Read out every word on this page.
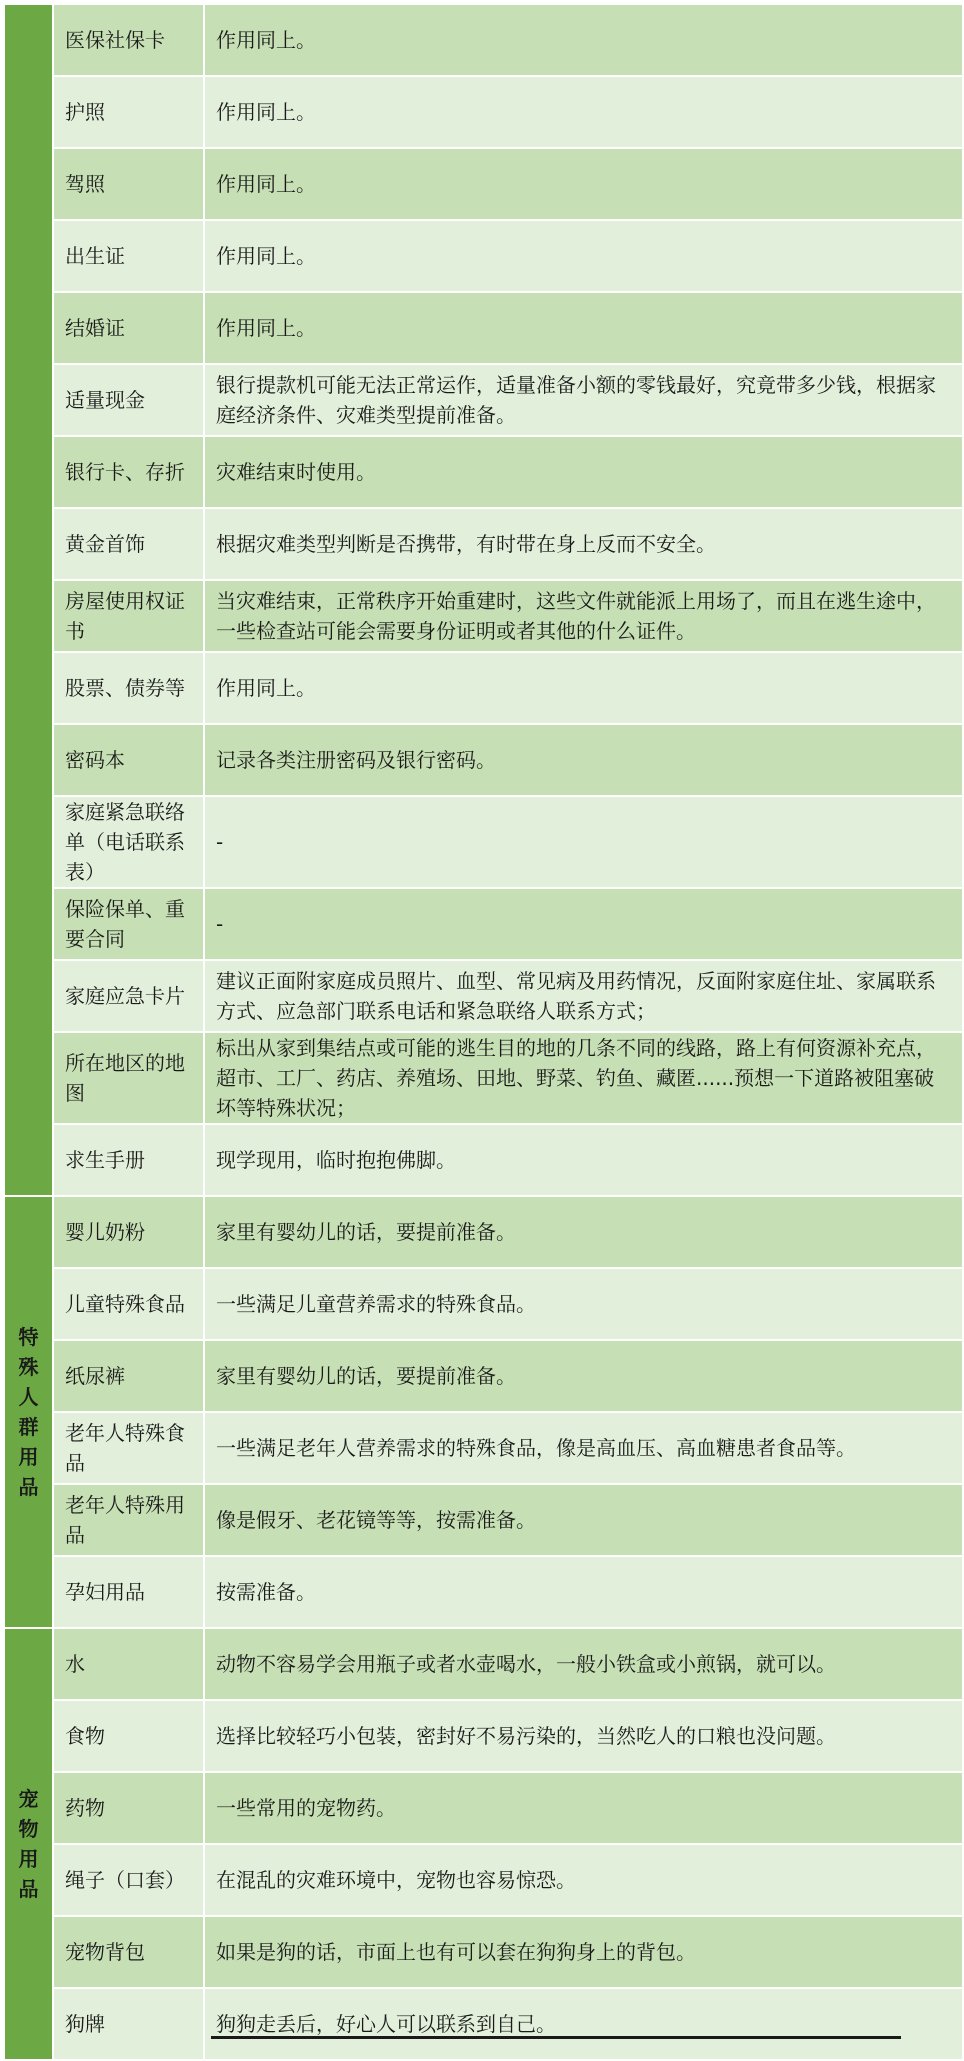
	医保社保卡	作用同上。
	护照	作用同上。
	驾照	作用同上。
	出生证	作用同上。
	结婚证	作用同上。
	适量现金	银行提款机可能无法正常运作，适量准备小额的零钱最好，究竟带多少钱，根据家庭经济条件、灾难类型提前准备。
	银行卡、存折	灾难结束时使用。
	黄金首饰	根据灾难类型判断是否携带，有时带在身上反而不安全。
	房屋使用权证书	当灾难结束，正常秩序开始重建时，这些文件就能派上用场了，而且在逃生途中，一些检查站可能会需要身份证明或者其他的什么证件。
	股票、债券等	作用同上。
	密码本	记录各类注册密码及银行密码。
	家庭紧急联络单（电话联系表）	-
	保险保单、重要合同	-
	家庭应急卡片	建议正面附家庭成员照片、血型、常见病及用药情况，反面附家庭住址、家属联系方式、应急部门联系电话和紧急联络人联系方式；
	所在地区的地图	标出从家到集结点或可能的逃生目的地的几条不同的线路，路上有何资源补充点，超市、工厂、药店、养殖场、田地、野菜、钓鱼、藏匿......预想一下道路被阻塞破坏等特殊状况；
	求生手册	现学现用，临时抱抱佛脚。

特殊人群用品	婴儿奶粉	家里有婴幼儿的话，要提前准备。
	儿童特殊食品	一些满足儿童营养需求的特殊食品。
	纸尿裤	家里有婴幼儿的话，要提前准备。
	老年人特殊食品	一些满足老年人营养需求的特殊食品，像是高血压、高血糖患者食品等。
	老年人特殊用品	像是假牙、老花镜等等，按需准备。
	孕妇用品	按需准备。

宠物用品	水	动物不容易学会用瓶子或者水壶喝水，一般小铁盒或小煎锅，就可以。
	食物	选择比较轻巧小包装，密封好不易污染的，当然吃人的口粮也没问题。
	药物	一些常用的宠物药。
	绳子（口套）	在混乱的灾难环境中，宠物也容易惊恐。
	宠物背包	如果是狗的话，市面上也有可以套在狗狗身上的背包。
	狗牌	狗狗走丢后，好心人可以联系到自己。
